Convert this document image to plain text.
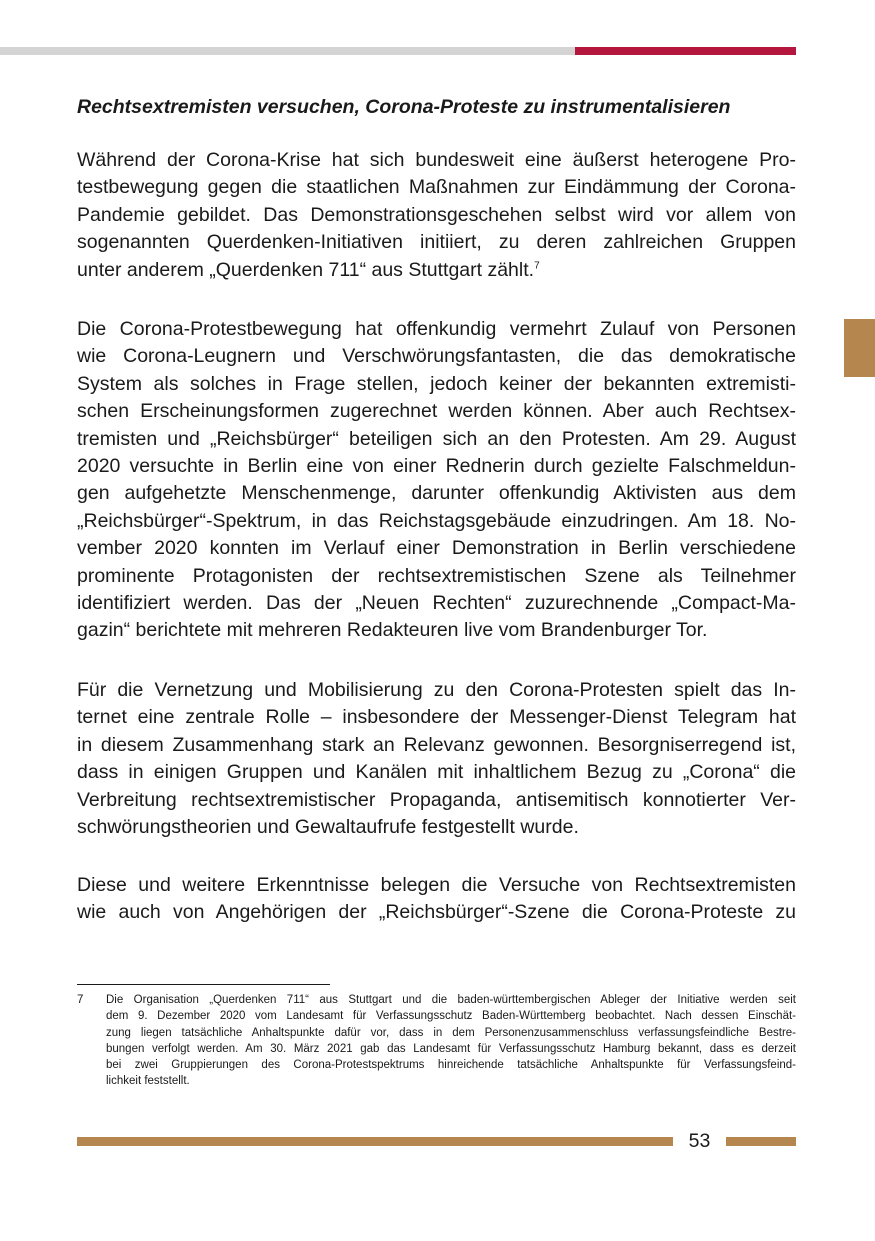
Rechtsextremisten versuchen, Corona-Proteste zu instrumentalisieren
Während der Corona-Krise hat sich bundesweit eine äußerst heterogene Pro-
testbewegung gegen die staatlichen Maßnahmen zur Eindämmung der Corona-
Pandemie gebildet. Das Demonstrationsgeschehen selbst wird vor allem von
sogenannten Querdenken-Initiativen initiiert, zu deren zahlreichen Gruppen
unter anderem „Querdenken 711“ aus Stuttgart zählt.$^7$
Die Corona-Protestbewegung hat offenkundig vermehrt Zulauf von Personen
wie Corona-Leugnern und Verschwörungsfantasten, die das demokratische
System als solches in Frage stellen, jedoch keiner der bekannten extremisti-
schen Erscheinungsformen zugerechnet werden können. Aber auch Rechtsex-
tremisten und „Reichsbürger“ beteiligen sich an den Protesten. Am 29. August
2020 versuchte in Berlin eine von einer Rednerin durch gezielte Falschmeldun-
gen aufgehetzte Menschenmenge, darunter offenkundig Aktivisten aus dem
„Reichsbürger“-Spektrum, in das Reichstagsgebäude einzudringen. Am 18. No-
vember 2020 konnten im Verlauf einer Demonstration in Berlin verschiedene
prominente Protagonisten der rechtsextremistischen Szene als Teilnehmer
identifiziert werden. Das der „Neuen Rechten“ zuzurechnende „Compact-Ma-
gazin“ berichtete mit mehreren Redakteuren live vom Brandenburger Tor.
Für die Vernetzung und Mobilisierung zu den Corona-Protesten spielt das In-
ternet eine zentrale Rolle – insbesondere der Messenger-Dienst Telegram hat
in diesem Zusammenhang stark an Relevanz gewonnen. Besorgniserregend ist,
dass in einigen Gruppen und Kanälen mit inhaltlichem Bezug zu „Corona“ die
Verbreitung rechtsextremistischer Propaganda, antisemitisch konnotierter Ver-
schwörungstheorien und Gewaltaufrufe festgestellt wurde.
Diese und weitere Erkenntnisse belegen die Versuche von Rechtsextremisten
wie auch von Angehörigen der „Reichsbürger“-Szene die Corona-Proteste zu
7 Die Organisation „Querdenken 711“ aus Stuttgart und die baden-württembergischen Ableger der Initiative werden seit
dem 9. Dezember 2020 vom Landesamt für Verfassungsschutz Baden-Württemberg beobachtet. Nach dessen Einschät-
zung liegen tatsächliche Anhaltspunkte dafür vor, dass in dem Personenzusammenschluss verfassungsfeindliche Bestre-
bungen verfolgt werden. Am 30. März 2021 gab das Landesamt für Verfassungsschutz Hamburg bekannt, dass es derzeit
bei zwei Gruppierungen des Corona-Protestspektrums hinreichende tatsächliche Anhaltspunkte für Verfassungsfeind-
lichkeit feststellt.
53
